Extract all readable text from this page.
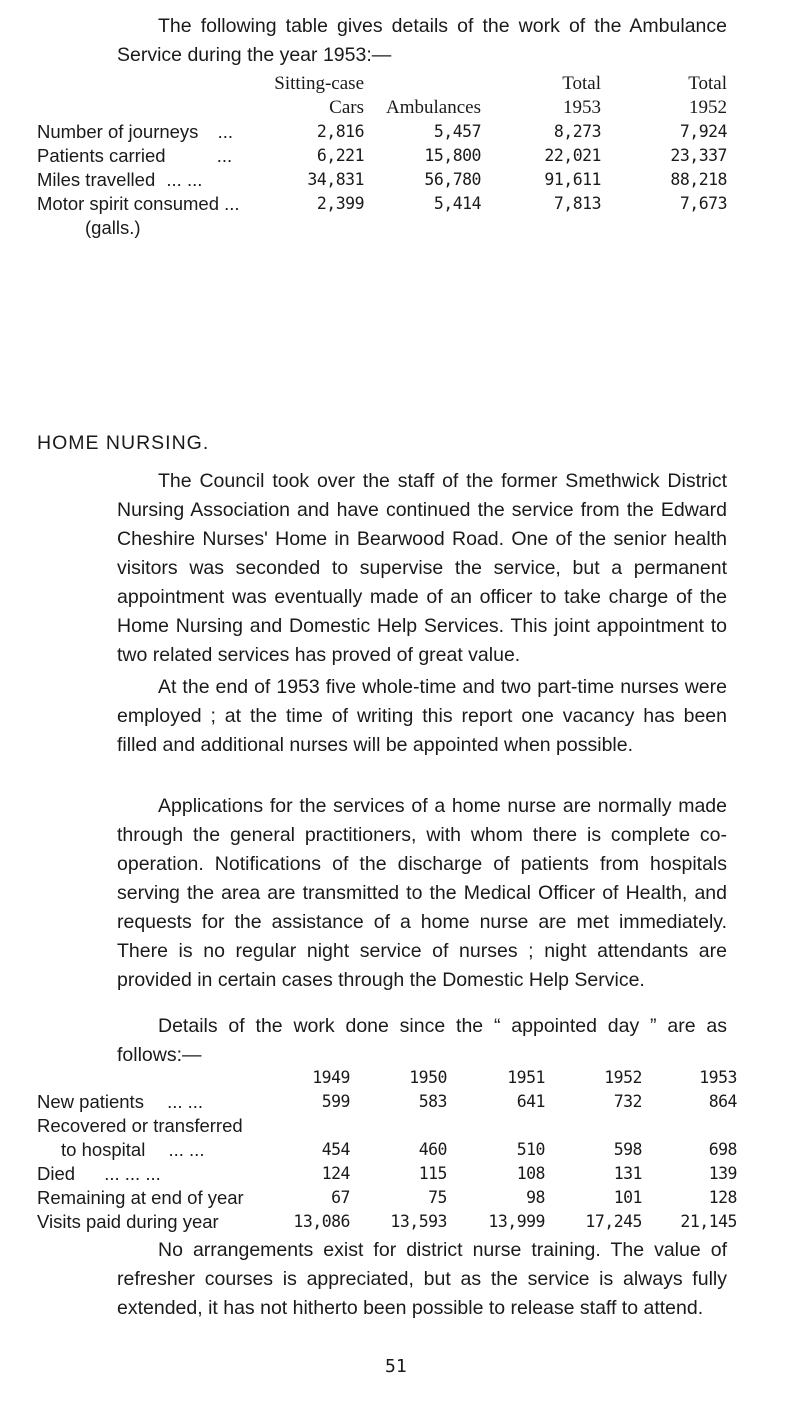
The following table gives details of the work of the Ambulance Service during the year 1953:—

	Sitting-case		Total	Total
	Cars	Ambulances	1953	1952
Number of journeys ...	2,816	5,457	8,273	7,924
Patients carried ...	6,221	15,800	22,021	23,337
Miles travelled ... ...	34,831	56,780	91,611	88,218
Motor spirit consumed ...	2,399	5,414	7,813	7,673
(galls.)				
HOME NURSING.

The Council took over the staff of the former Smethwick District Nursing Association and have continued the service from the Edward Cheshire Nurses' Home in Bearwood Road. One of the senior health visitors was seconded to supervise the service, but a permanent appointment was eventually made of an officer to take charge of the Home Nursing and Domestic Help Services. This joint appointment to two related services has proved of great value.

At the end of 1953 five whole-time and two part-time nurses were employed ; at the time of writing this report one vacancy has been filled and additional nurses will be appointed when possible.

Applications for the services of a home nurse are normally made through the general practitioners, with whom there is complete co-operation. Notifications of the discharge of patients from hospitals serving the area are transmitted to the Medical Officer of Health, and requests for the assistance of a home nurse are met immediately. There is no regular night service of nurses ; night attendants are provided in certain cases through the Domestic Help Service.

Details of the work done since the “ appointed day ” are as follows:—

	1949	1950	1951	1952	1953
New patients ... ...	599	583	641	732	864
Recovered or transferred					
to hospital ... ...	454	460	510	598	698
Died ... ... ...	124	115	108	131	139
Remaining at end of year	67	75	98	101	128
Visits paid during year	13,086	13,593	13,999	17,245	21,145

No arrangements exist for district nurse training. The value of refresher courses is appreciated, but as the service is always fully extended, it has not hitherto been possible to release staff to attend.

51
